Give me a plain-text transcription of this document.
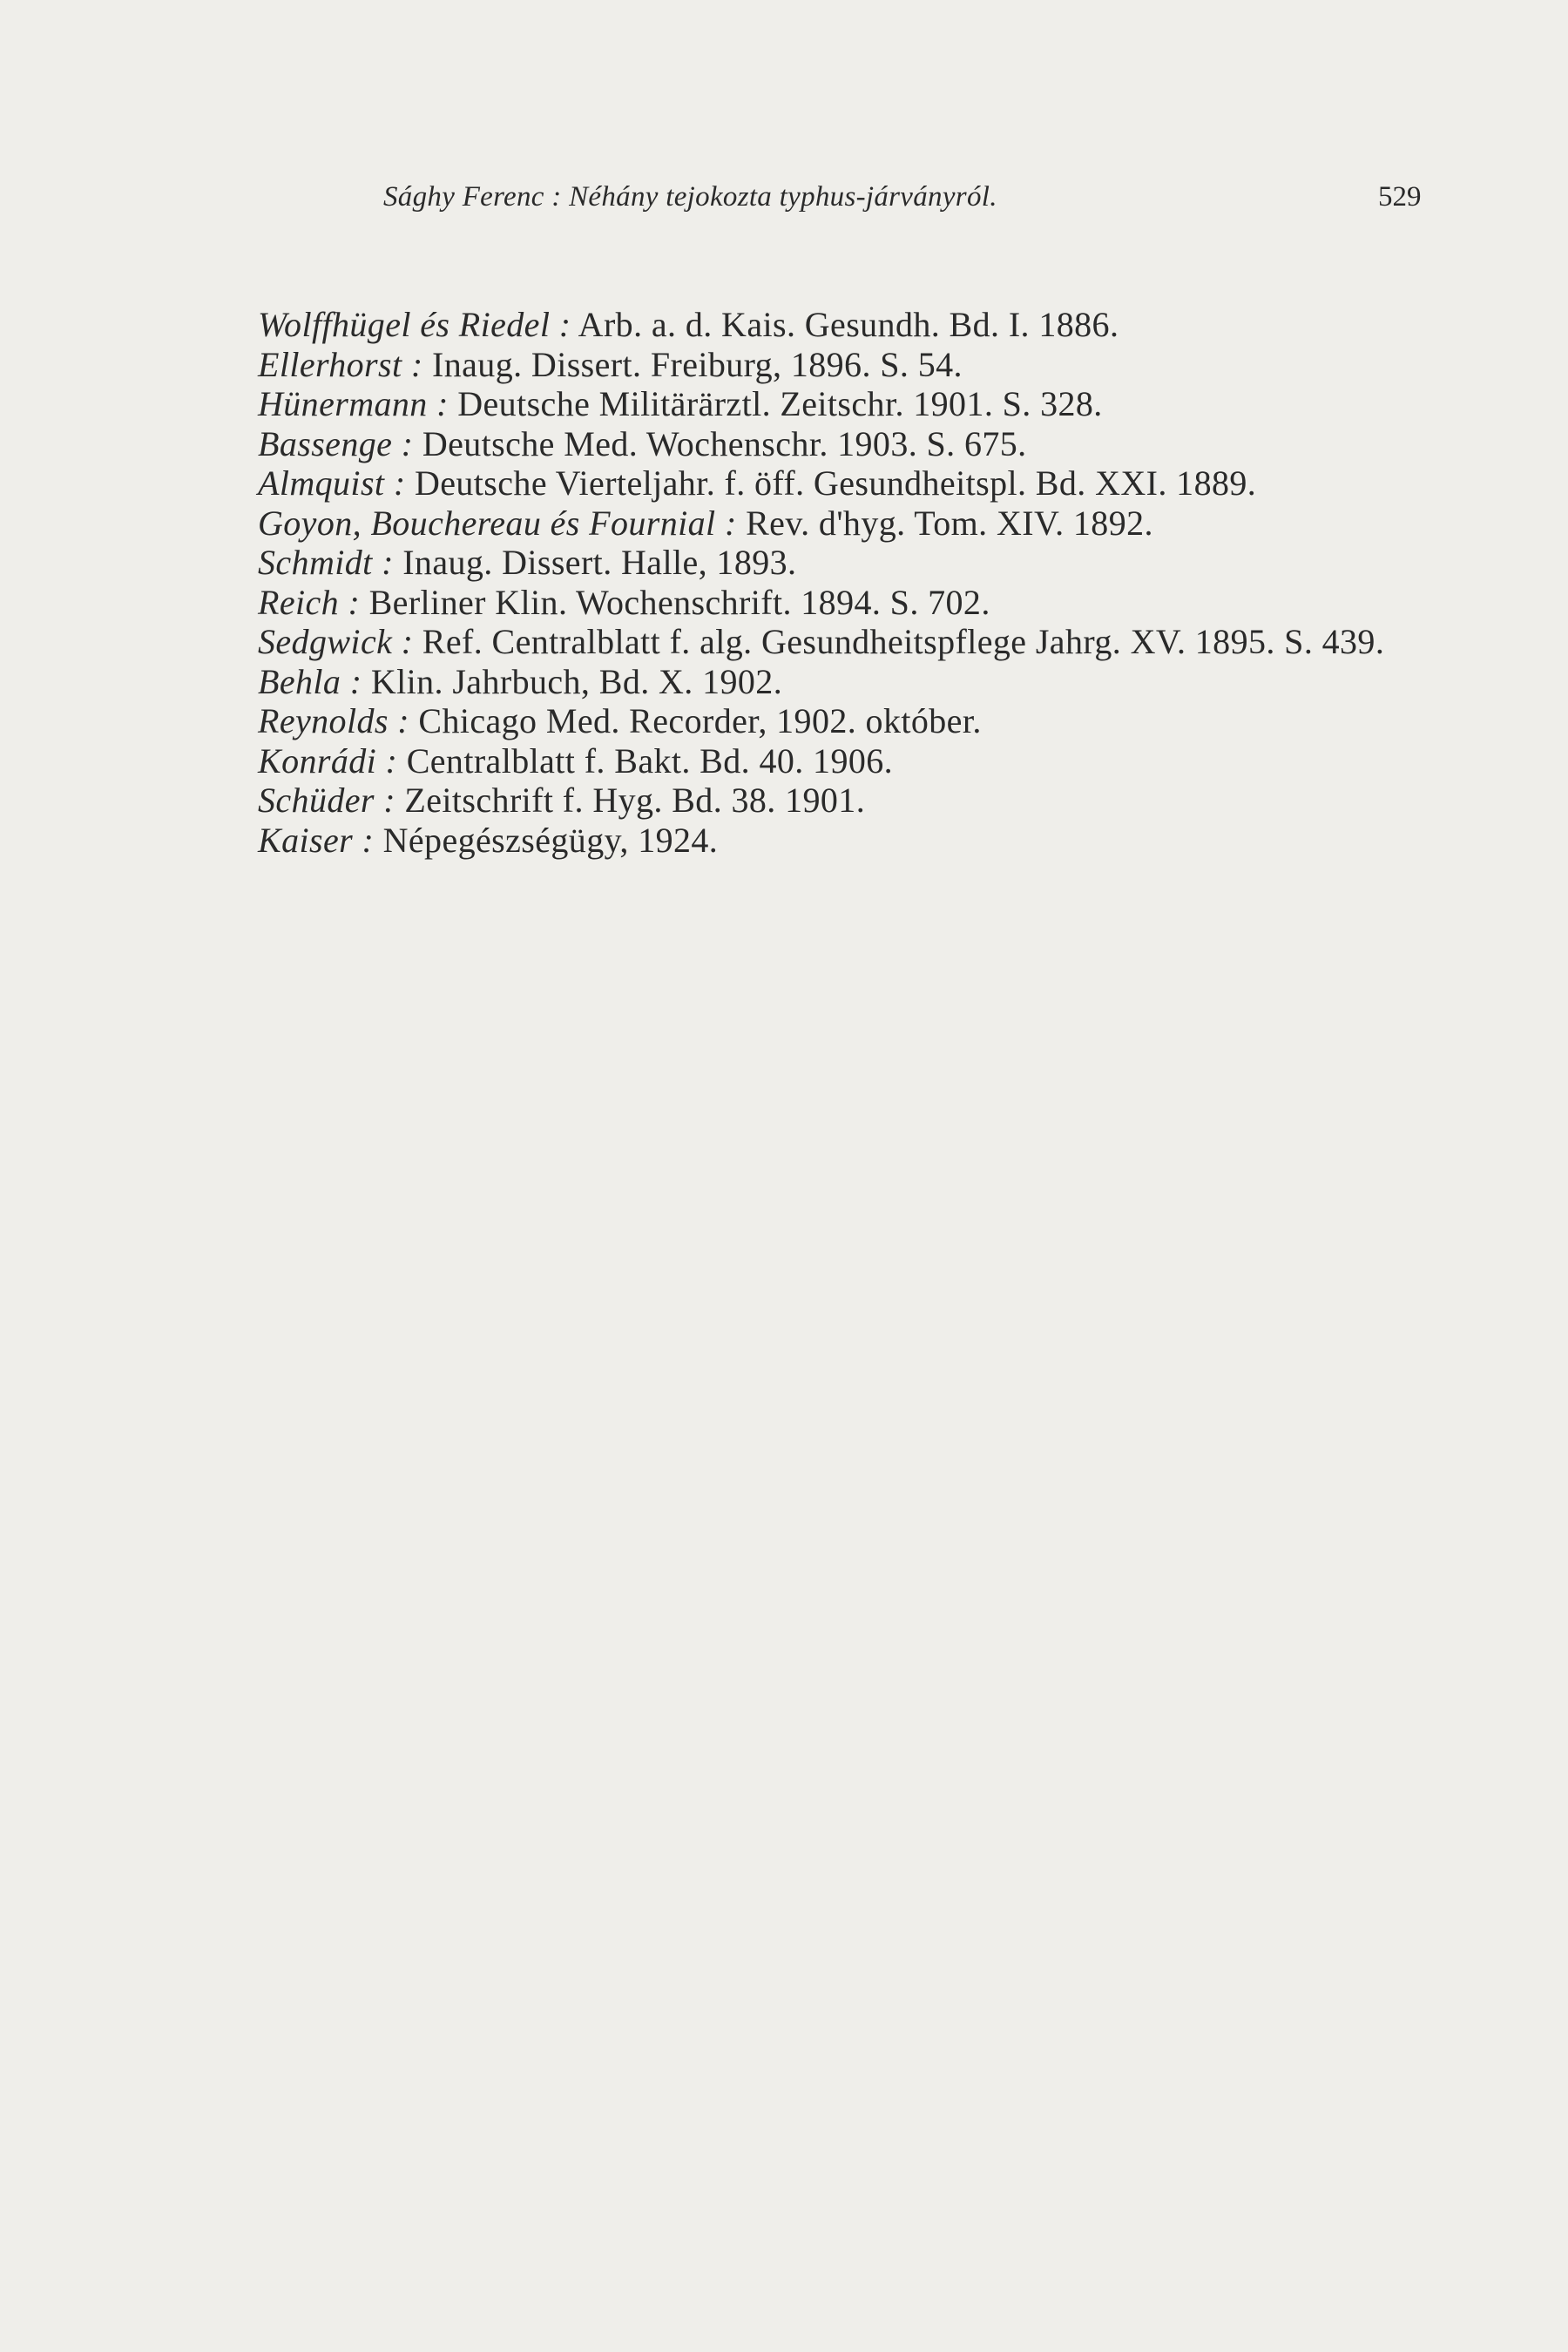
Sághy Ferenc : Néhány tejokozta typhus-járványról.	529

Wolffhügel és Riedel : Arb. a. d. Kais. Gesundh. Bd. I. 1886.

Ellerhorst : Inaug. Dissert. Freiburg, 1896. S. 54.

Hünermann : Deutsche Militärärztl. Zeitschr. 1901. S. 328.

Bassenge : Deutsche Med. Wochenschr. 1903. S. 675.

Almquist : Deutsche Vierteljahr. f. öff. Gesundheitspl. Bd. XXI. 1889.

Goyon, Bouchereau és Fournial : Rev. d'hyg. Tom. XIV. 1892.

Schmidt : Inaug. Dissert. Halle, 1893.

Reich : Berliner Klin. Wochenschrift. 1894. S. 702.

Sedgwick : Ref. Centralblatt f. alg. Gesundheitspflege Jahrg. XV. 1895. S. 439.

Behla : Klin. Jahrbuch, Bd. X. 1902.

Reynolds : Chicago Med. Recorder, 1902. október.

Konrádi : Centralblatt f. Bakt. Bd. 40. 1906.

Schüder : Zeitschrift f. Hyg. Bd. 38. 1901.

Kaiser : Népegészségügy, 1924.
